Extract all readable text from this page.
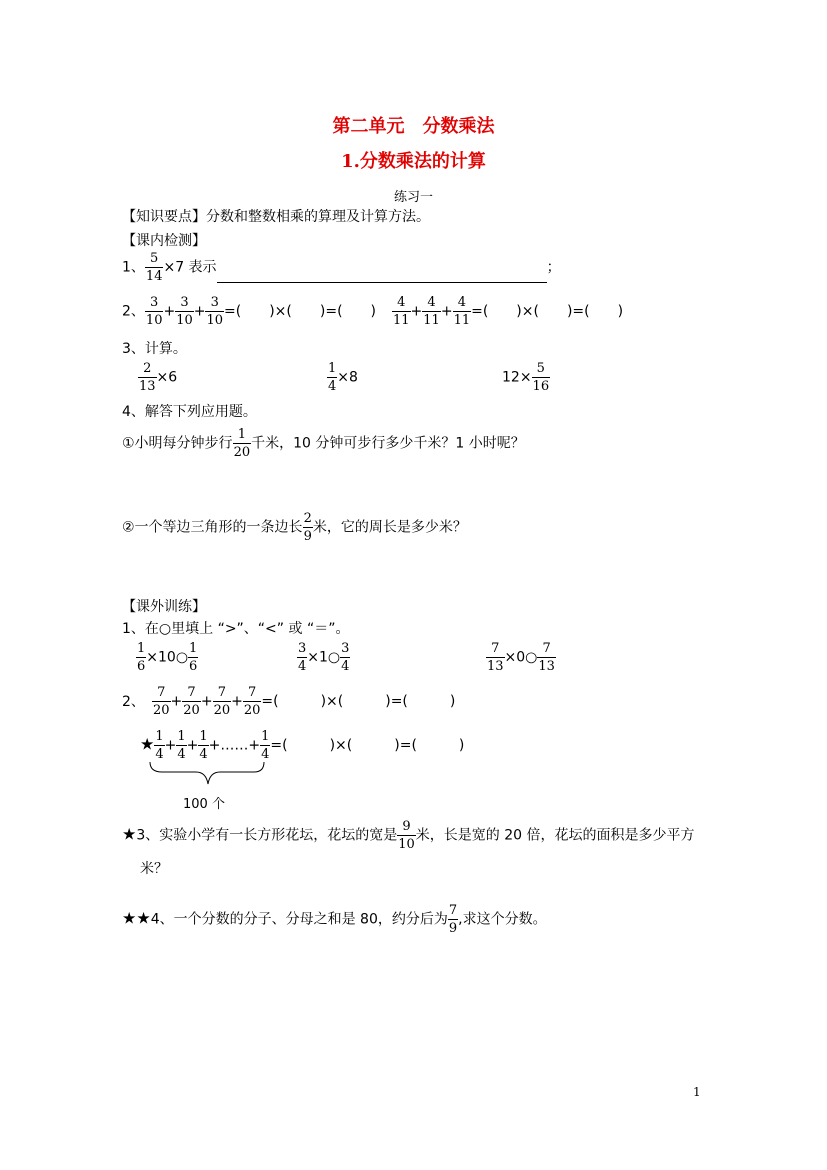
第二单元　分数乘法
1.分数乘法的计算
练习一
【知识要点】分数和整数相乘的算理及计算方法。
【课内检测】
1、 $\frac{5}{14} \times 7$ 表示	；
2、 $\frac{3}{10} + \frac{3}{10} + \frac{3}{10}$ =(　　)×(　　)=(　　) $\frac{4}{11} + \frac{4}{11} + \frac{4}{11}$ =(　　)×(　　)=(　　)
3、计算。
$\frac{2}{13} \times 6$	$\frac{1}{4} \times 8$	$12\times \frac{5}{16}$
4、解答下列应用题。
①小明每分钟步行 $\frac{1}{20}$ 千米，10 分钟可步行多少千米？1 小时呢？
②一个等边三角形的一条边长 $\frac{2}{9}$ 米，它的周长是多少米？
【课外训练】
1、在○里填上 “>”、“<” 或 “＝”。
$\frac{1}{6}$ ×10○ $\frac{1}{6}$	$\frac{3}{4}$ ×1○ $\frac{3}{4}$	$\frac{7}{13}$ ×0○ $\frac{7}{13}$
2、 $\frac{7}{20} + \frac{7}{20} + \frac{7}{20} + \frac{7}{20}$ =(　　　)×(　　　)=(　　　)
★ $\frac{1}{4} + \frac{1}{4} + \frac{1}{4}$ +……+ $\frac{1}{4}$ =(　　　)×(　　　)=(　　　)
100 个
★3、实验小学有一长方形花坛，花坛的宽是 $\frac{9}{10}$ 米，长是宽的 20 倍，花坛的面积是多少平方
米？
★★4、一个分数的分子、分母之和是 80，约分后为 $\frac{7}{9}$ ,求这个分数。
1
